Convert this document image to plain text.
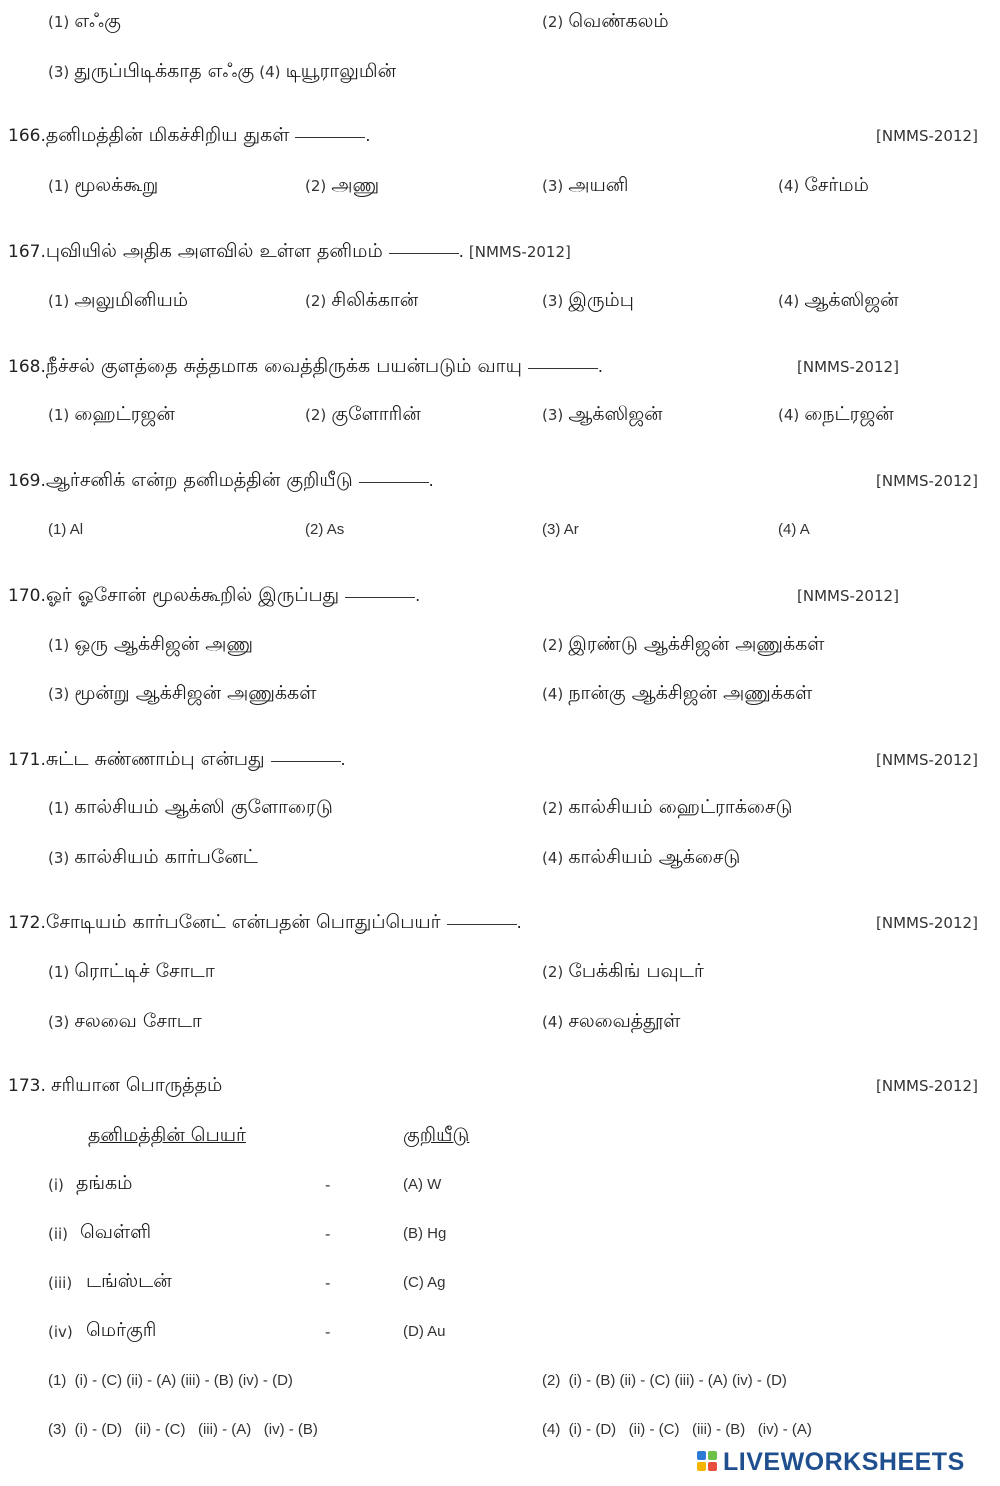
(1) எஃகு	(2) வெண்கலம்
(3) துருப்பிடிக்காத எஃகு (4) டியூராலுமின்
166.தனிமத்தின் மிகச்சிறிய துகள்	.	[NMMS-2012]
(1) மூலக்கூறு	(2) அணு	(3) அயனி	(4) சேர்மம்
167.புவியில் அதிக அளவில் உள்ள தனிமம்	. [NMMS-2012]
(1) அலுமினியம்	(2) சிலிக்கான்	(3) இரும்பு	(4) ஆக்ஸிஜன்
168.நீச்சல் குளத்தை சுத்தமாக வைத்திருக்க பயன்படும் வாயு	.	[NMMS-2012]
(1) ஹைட்ரஜன்	(2) குளோரின்	(3) ஆக்ஸிஜன்	(4) நைட்ரஜன்
169.ஆர்சனிக் என்ற தனிமத்தின் குறியீடு	.	[NMMS-2012]
(1) Al	(2) As	(3) Ar	(4) A
170.ஓர் ஓசோன் மூலக்கூறில் இருப்பது	.	[NMMS-2012]
(1) ஒரு ஆக்சிஜன் அணு	(2) இரண்டு ஆக்சிஜன் அணுக்கள்
(3) மூன்று ஆக்சிஜன் அணுக்கள்	(4) நான்கு ஆக்சிஜன் அணுக்கள்
171.சுட்ட சுண்ணாம்பு என்பது	.	[NMMS-2012]
(1) கால்சியம் ஆக்ஸி குளோரைடு	(2) கால்சியம் ஹைட்ராக்சைடு
(3) கால்சியம் கார்பனேட்	(4) கால்சியம் ஆக்சைடு
172.சோடியம் கார்பனேட் என்பதன் பொதுப்பெயர்	.	[NMMS-2012]
(1) ரொட்டிச் சோடா	(2) பேக்கிங் பவுடர்
(3) சலவை சோடா	(4) சலவைத்தூள்
173. சரியான பொருத்தம்	[NMMS-2012]
தனிமத்தின் பெயர்	குறியீடு
(i) தங்கம்	-	(A) W
(ii) வெள்ளி	-	(B) Hg
(iii) டங்ஸ்டன்	-	(C) Ag
(iv) மெர்குரி	-	(D) Au
(1)  (i) - (C) (ii) - (A) (iii) - (B) (iv) - (D)	(2)  (i) - (B) (ii) - (C) (iii) - (A) (iv) - (D)
(3)  (i) - (D)   (ii) - (C)   (iii) - (A)   (iv) - (B)	(4)  (i) - (D)   (ii) - (C)   (iii) - (B)   (iv) - (A)
LIVEWORKSHEETS
